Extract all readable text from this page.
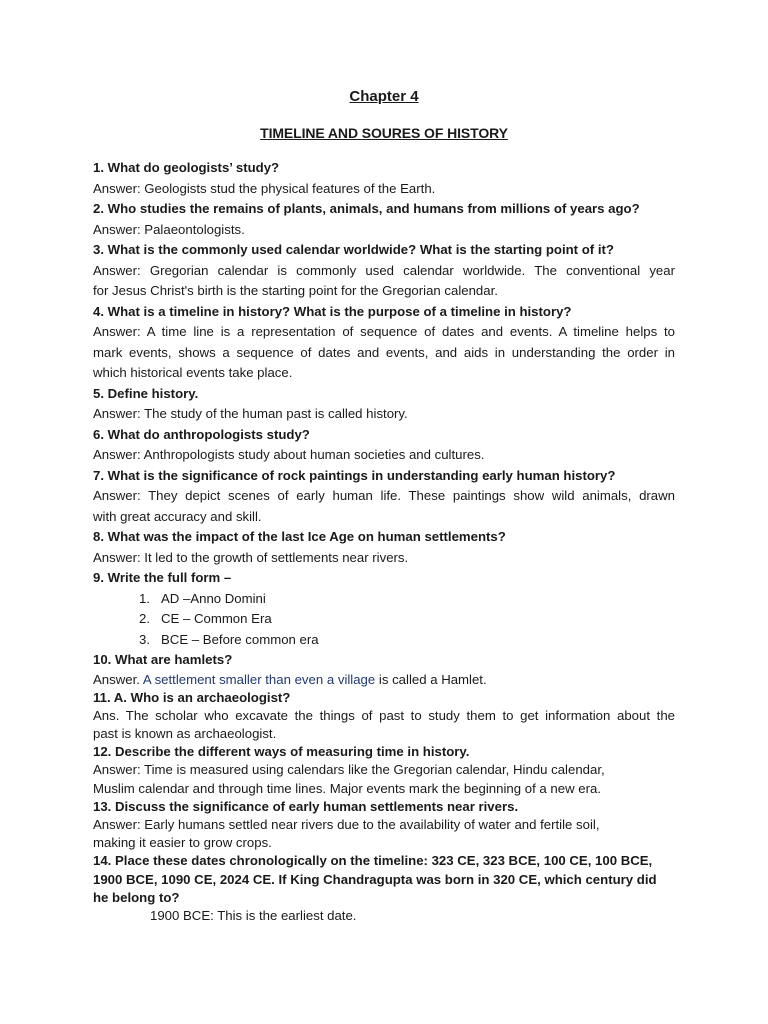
Chapter 4
TIMELINE AND SOURES OF HISTORY
1. What do geologists’ study?
Answer: Geologists stud the physical features of the Earth.
2. Who studies the remains of plants, animals, and humans from millions of years ago?
Answer: Palaeontologists.
3. What is the commonly used calendar worldwide? What is the starting point of it?
Answer: Gregorian calendar is commonly used calendar worldwide. The conventional year
for Jesus Christ's birth is the starting point for the Gregorian calendar.
4. What is a timeline in history? What is the purpose of a timeline in history?
Answer: A time line is a representation of sequence of dates and events. A timeline helps to
mark events, shows a sequence of dates and events, and aids in understanding the order in
which historical events take place.
5. Define history.
Answer: The study of the human past is called history.
6. What do anthropologists study?
Answer: Anthropologists study about human societies and cultures.
7. What is the significance of rock paintings in understanding early human history?
Answer: They depict scenes of early human life. These paintings show wild animals, drawn
with great accuracy and skill.
8. What was the impact of the last Ice Age on human settlements?
Answer: It led to the growth of settlements near rivers.
9. Write the full form –
1. AD –Anno Domini
2. CE – Common Era
3. BCE – Before common era
10. What are hamlets?
Answer. A settlement smaller than even a village is called a Hamlet.
11. A. Who is an archaeologist?
Ans. The scholar who excavate the things of past to study them to get information about the
past is known as archaeologist.
12. Describe the different ways of measuring time in history.
Answer: Time is measured using calendars like the Gregorian calendar, Hindu calendar,
Muslim calendar and through time lines. Major events mark the beginning of a new era.
13. Discuss the significance of early human settlements near rivers.
Answer: Early humans settled near rivers due to the availability of water and fertile soil,
making it easier to grow crops.
14. Place these dates chronologically on the timeline: 323 CE, 323 BCE, 100 CE, 100 BCE,
1900 BCE, 1090 CE, 2024 CE. If King Chandragupta was born in 320 CE, which century did
he belong to?
1900 BCE: This is the earliest date.
